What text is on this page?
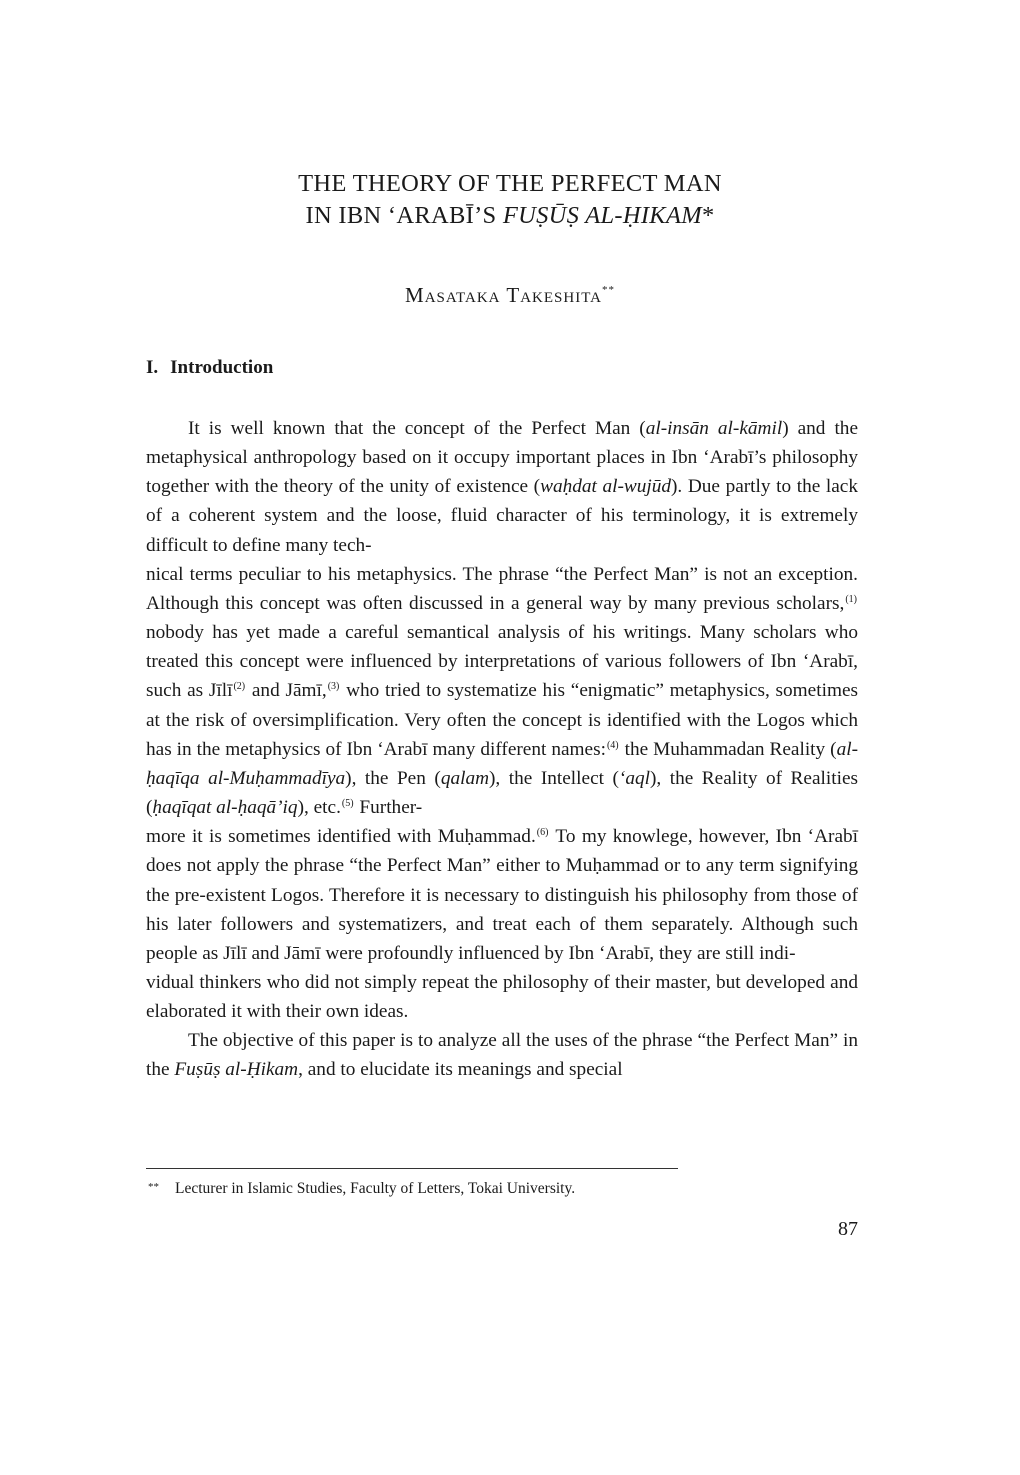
THE THEORY OF THE PERFECT MAN
IN IBN ‘ARABĪ’S FUṢŪṢ AL-ḤIKAM*
Masataka Takeshita**
I. Introduction

It is well known that the concept of the Perfect Man (al-insān al-kāmil) and the metaphysical anthropology based on it occupy important places in Ibn ‘Arabī’s philosophy together with the theory of the unity of existence (waḥdat al-wujūd). Due partly to the lack of a coherent system and the loose, fluid character of his terminology, it is extremely difficult to define many tech-
nical terms peculiar to his metaphysics. The phrase “the Perfect Man” is not an exception. Although this concept was often discussed in a general way by many previous scholars,$^{(1)}$ nobody has yet made a careful semantical analysis of his writings. Many scholars who treated this concept were influenced by interpretations of various followers of Ibn ‘Arabī, such as Jīlī$^{(2)}$ and Jāmī,$^{(3)}$ who tried to systematize his “enigmatic” metaphysics, sometimes at the risk of oversimplification. Very often the concept is identified with the Logos which has in the metaphysics of Ibn ‘Arabī many different names:$^{(4)}$ the Muhammadan Reality (al-ḥaqīqa al-Muḥammadīya), the Pen (qalam), the Intellect (‘aql), the Reality of Realities (ḥaqīqat al-ḥaqā’iq), etc.$^{(5)}$ Further-
more it is sometimes identified with Muḥammad.$^{(6)}$ To my knowlege, however, Ibn ‘Arabī does not apply the phrase “the Perfect Man” either to Muḥammad or to any term signifying the pre-existent Logos. Therefore it is necessary to distinguish his philosophy from those of his later followers and systematizers, and treat each of them separately. Although such people as Jīlī and Jāmī were profoundly influenced by Ibn ‘Arabī, they are still indi-
vidual thinkers who did not simply repeat the philosophy of their master, but developed and elaborated it with their own ideas.

The objective of this paper is to analyze all the uses of the phrase “the Perfect Man” in the Fuṣūṣ al-Ḥikam, and to elucidate its meanings and special

** Lecturer in Islamic Studies, Faculty of Letters, Tokai University.
87
